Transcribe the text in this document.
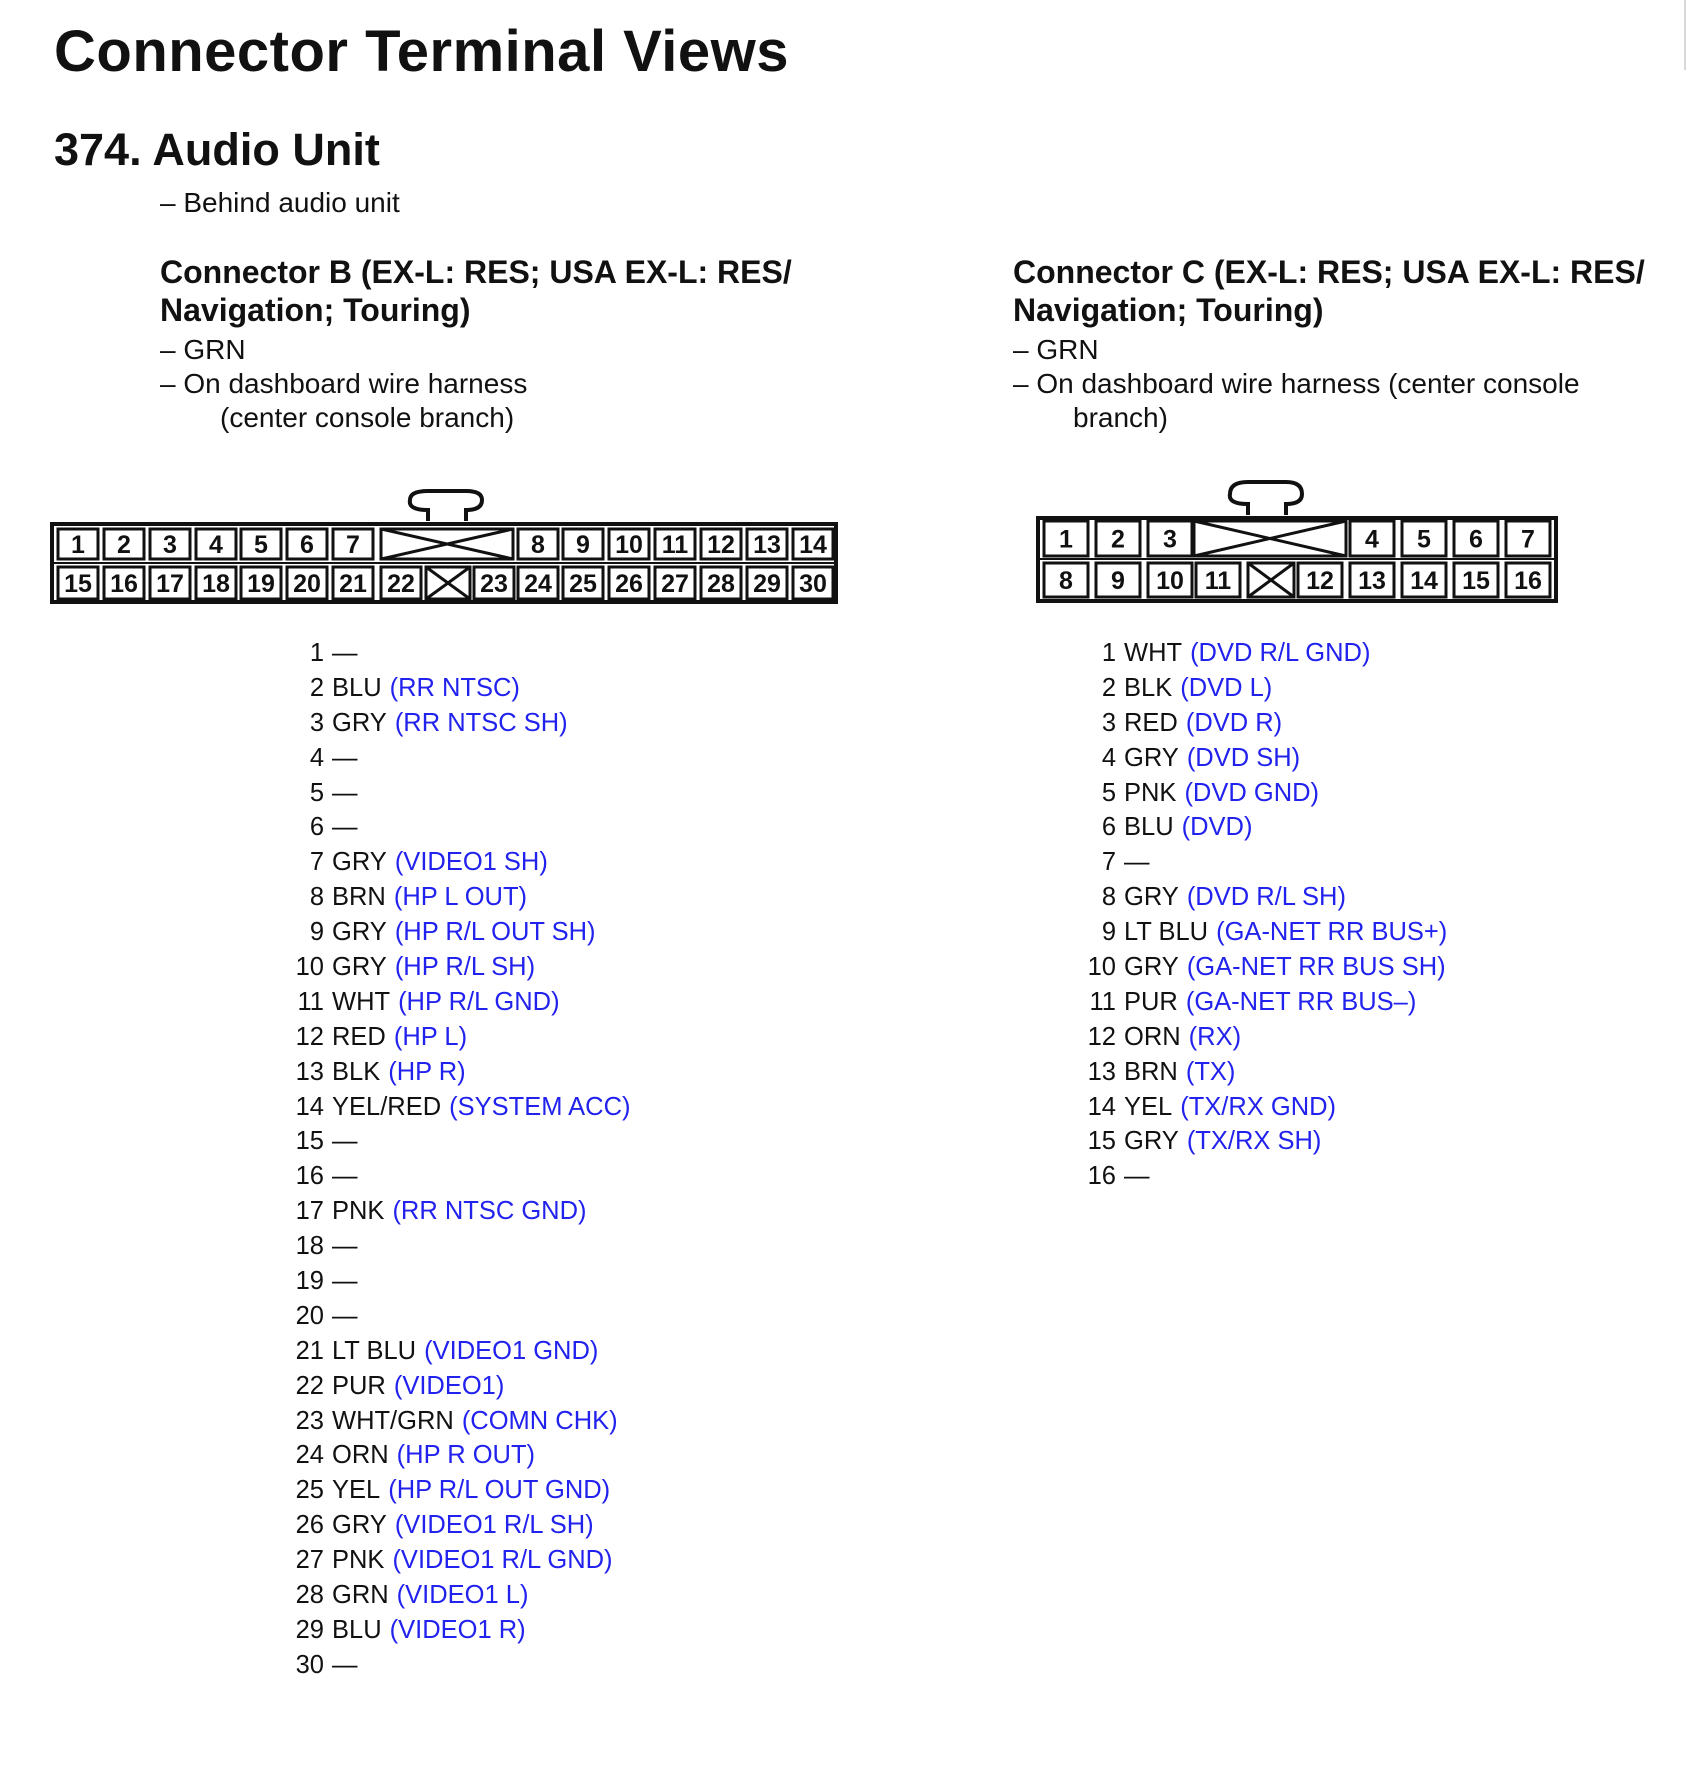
Connector Terminal Views
374. Audio Unit
– Behind audio unit
Connector B (EX-L: RES; USA EX-L: RES/
Navigation; Touring)
– GRN
– On dashboard wire harness
(center console branch)
Connector C (EX-L: RES; USA EX-L: RES/
Navigation; Touring)
– GRN
– On dashboard wire harness (center console
branch)
1 2 3 4 5 6 7	8 9 10 11 12 13 14
15 16 17 18 19 20 21 22	23 24 25 26 27 28 29 30
1 2 3	4 5 6 7
8 9 10 11	12 13 14 15 16
1 —
2 BLU (RR NTSC)
3 GRY (RR NTSC SH)
4 —
5 —
6 —
7 GRY (VIDEO1 SH)
8 BRN (HP L OUT)
9 GRY (HP R/L OUT SH)
10 GRY (HP R/L SH)
11 WHT (HP R/L GND)
12 RED (HP L)
13 BLK (HP R)
14 YEL/RED (SYSTEM ACC)
15 —
16 —
17 PNK (RR NTSC GND)
18 —
19 —
20 —
21 LT BLU (VIDEO1 GND)
22 PUR (VIDEO1)
23 WHT/GRN (COMN CHK)
24 ORN (HP R OUT)
25 YEL (HP R/L OUT GND)
26 GRY (VIDEO1 R/L SH)
27 PNK (VIDEO1 R/L GND)
28 GRN (VIDEO1 L)
29 BLU (VIDEO1 R)
30 —
1 WHT (DVD R/L GND)
2 BLK (DVD L)
3 RED (DVD R)
4 GRY (DVD SH)
5 PNK (DVD GND)
6 BLU (DVD)
7 —
8 GRY (DVD R/L SH)
9 LT BLU (GA-NET RR BUS+)
10 GRY (GA-NET RR BUS SH)
11 PUR (GA-NET RR BUS–)
12 ORN (RX)
13 BRN (TX)
14 YEL (TX/RX GND)
15 GRY (TX/RX SH)
16 —
